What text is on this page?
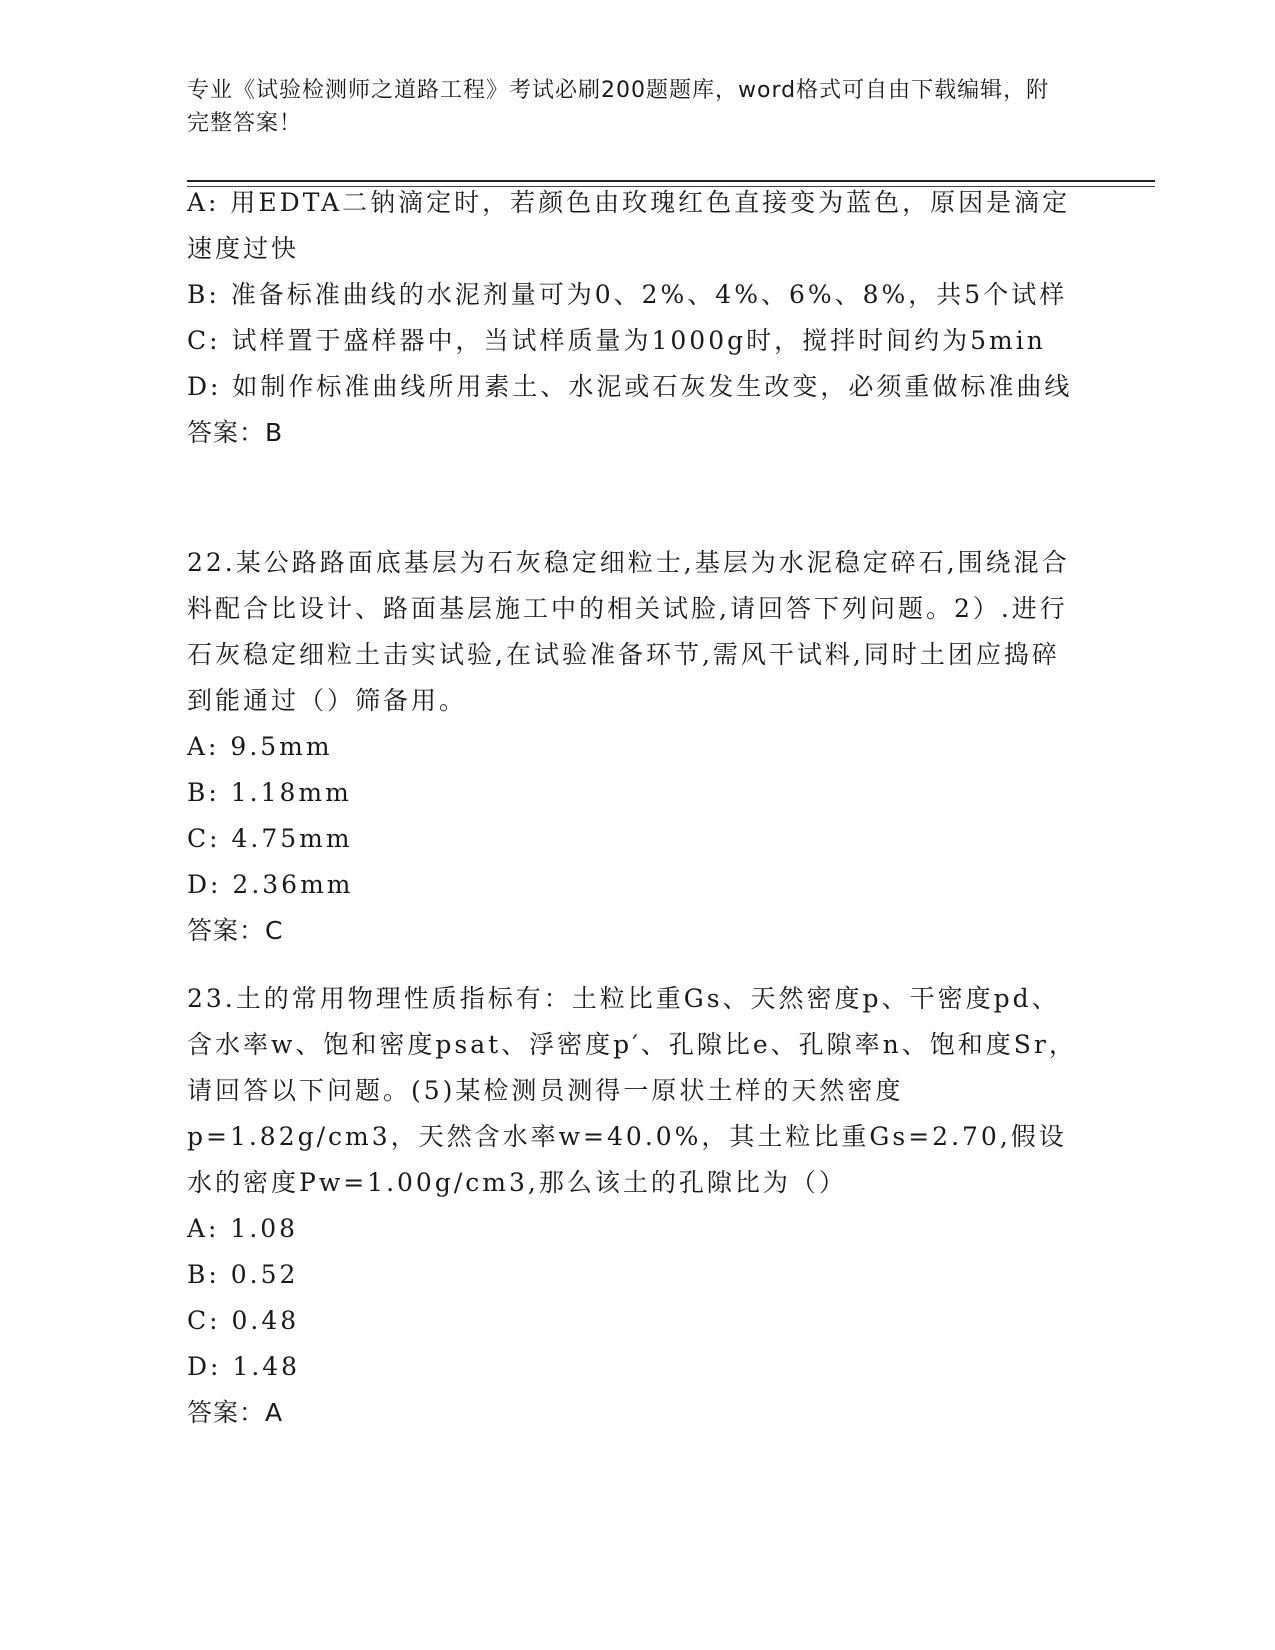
专业《试验检测师之道路工程》考试必刷200题题库，word格式可自由下载编辑，附完整答案！

A: 用EDTA二钠滴定时，若颜色由玫瑰红色直接变为蓝色，原因是滴定速度过快

B: 准备标准曲线的水泥剂量可为0、2%、4%、6%、8%，共5个试样

C: 试样置于盛样器中，当试样质量为1000g时，搅拌时间约为5min

D: 如制作标准曲线所用素土、水泥或石灰发生改变，必须重做标准曲线

答案：B

22.某公路路面底基层为石灰稳定细粒士,基层为水泥稳定碎石,围绕混合料配合比设计、路面基层施工中的相关试脸,请回答下列问题。2）.进行石灰稳定细粒土击实试验,在试验准备环节,需风干试料,同时土团应捣碎到能通过（）筛备用。

A: 9.5mm

B: 1.18mm

C: 4.75mm

D: 2.36mm

答案：C

23.土的常用物理性质指标有：土粒比重Gs、天然密度p、干密度pd、含水率w、饱和密度psat、浮密度p′、孔隙比e、孔隙率n、饱和度Sr，请回答以下问题。(5)某检测员测得一原状土样的天然密度p=1.82g/cm3，天然含水率w=40.0%，其土粒比重Gs=2.70,假设水的密度Pw=1.00g/cm3,那么该土的孔隙比为（）

A: 1.08

B: 0.52

C: 0.48

D: 1.48

答案：A
